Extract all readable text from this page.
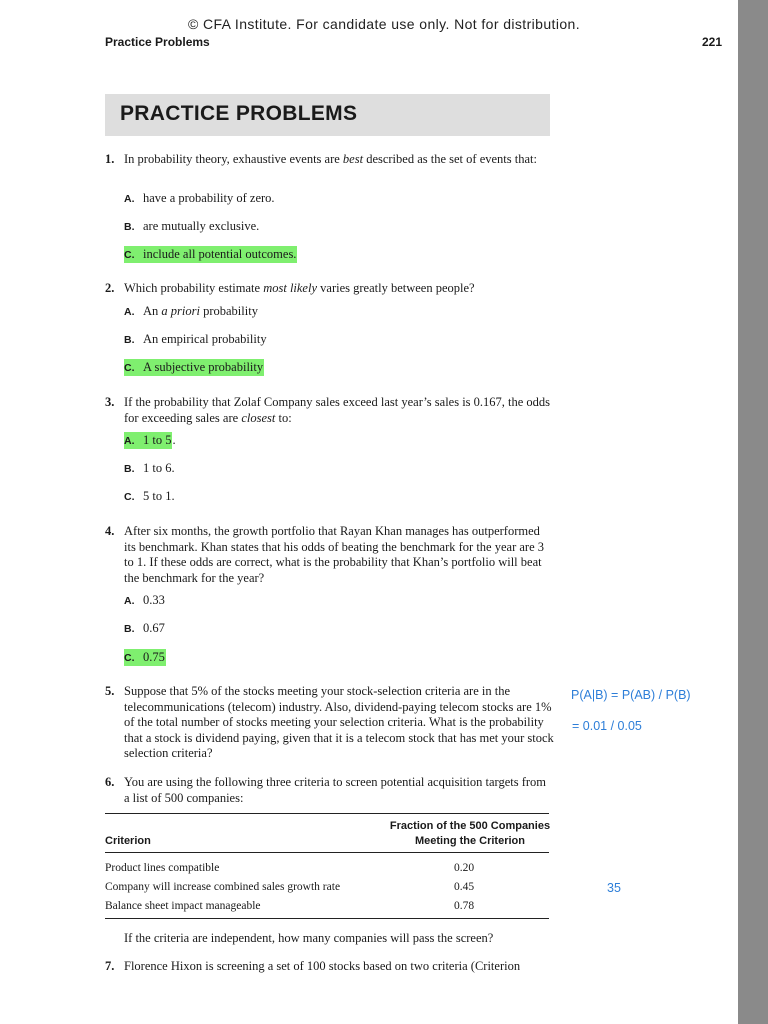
© CFA Institute. For candidate use only. Not for distribution.
Practice Problems	221
PRACTICE PROBLEMS
1. In probability theory, exhaustive events are best described as the set of events that:
A. have a probability of zero.
B. are mutually exclusive.
C. include all potential outcomes.
2. Which probability estimate most likely varies greatly between people?
A. An a priori probability
B. An empirical probability
C. A subjective probability
3. If the probability that Zolaf Company sales exceed last year’s sales is 0.167, the odds for exceeding sales are closest to:
A. 1 to 5.
B. 1 to 6.
C. 5 to 1.
4. After six months, the growth portfolio that Rayan Khan manages has outperformed its benchmark. Khan states that his odds of beating the benchmark for the year are 3 to 1. If these odds are correct, what is the probability that Khan’s portfolio will beat the benchmark for the year?
A. 0.33
B. 0.67
C. 0.75
5. Suppose that 5% of the stocks meeting your stock-selection criteria are in the telecommunications (telecom) industry. Also, dividend-paying telecom stocks are 1% of the total number of stocks meeting your selection criteria. What is the probability that a stock is dividend paying, given that it is a telecom stock that has met your stock selection criteria?
P(A|B) = P(AB) / P(B)
= 0.01 / 0.05
35
6. You are using the following three criteria to screen potential acquisition targets from a list of 500 companies:
Fraction of the 500 Companies
Meeting the Criterion
Criterion
Product lines compatible	0.20
Company will increase combined sales growth rate	0.45
Balance sheet impact manageable	0.78
If the criteria are independent, how many companies will pass the screen?
7. Florence Hixon is screening a set of 100 stocks based on two criteria (Criterion
